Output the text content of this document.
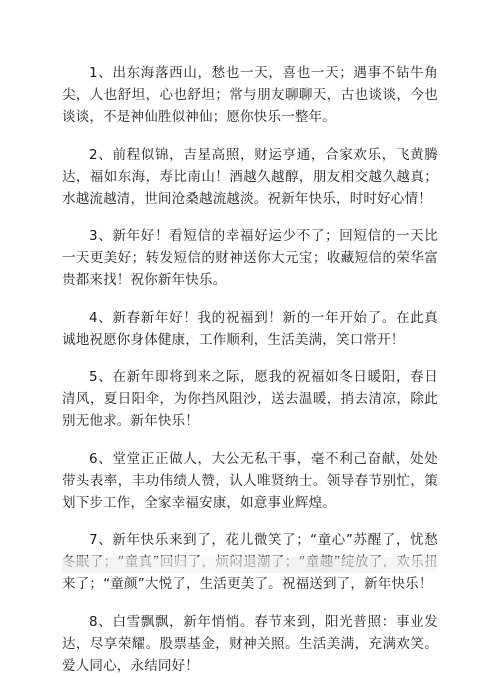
1、出东海落西山，愁也一天，喜也一天；遇事不钻牛角尖，人也舒坦，心也舒坦；常与朋友聊聊天，古也谈谈，今也谈谈，不是神仙胜似神仙；愿你快乐一整年。

2、前程似锦，吉星高照，财运亨通，合家欢乐，飞黄腾达，福如东海，寿比南山！酒越久越醇，朋友相交越久越真；水越流越清，世间沧桑越流越淡。祝新年快乐，时时好心情！

3、新年好！看短信的幸福好运少不了；回短信的一天比一天更美好；转发短信的财神送你大元宝；收藏短信的荣华富贵都来找！祝你新年快乐。

4、新春新年好！我的祝福到！新的一年开始了。在此真诚地祝愿你身体健康，工作顺利，生活美满，笑口常开！

5、在新年即将到来之际，愿我的祝福如冬日暖阳，春日清风，夏日阳伞，为你挡风阻沙，送去温暖，捎去清凉，除此别无他求。新年快乐！

6、堂堂正正做人，大公无私干事，毫不利己奋献，处处带头表率，丰功伟绩人赞，认人唯贤纳士。领导春节别忙，策划下步工作，全家幸福安康，如意事业辉煌。

7、新年快乐来到了，花儿微笑了；“童心”苏醒了，忧愁 来了；“童颜”大悦了，生活更美了。祝福送到了，新年快乐！

8、白雪飘飘，新年悄悄。春节来到，阳光普照：事业发达，尽享荣耀。股票基金，财神关照。生活美满，充满欢笑。爱人同心，永结同好！
